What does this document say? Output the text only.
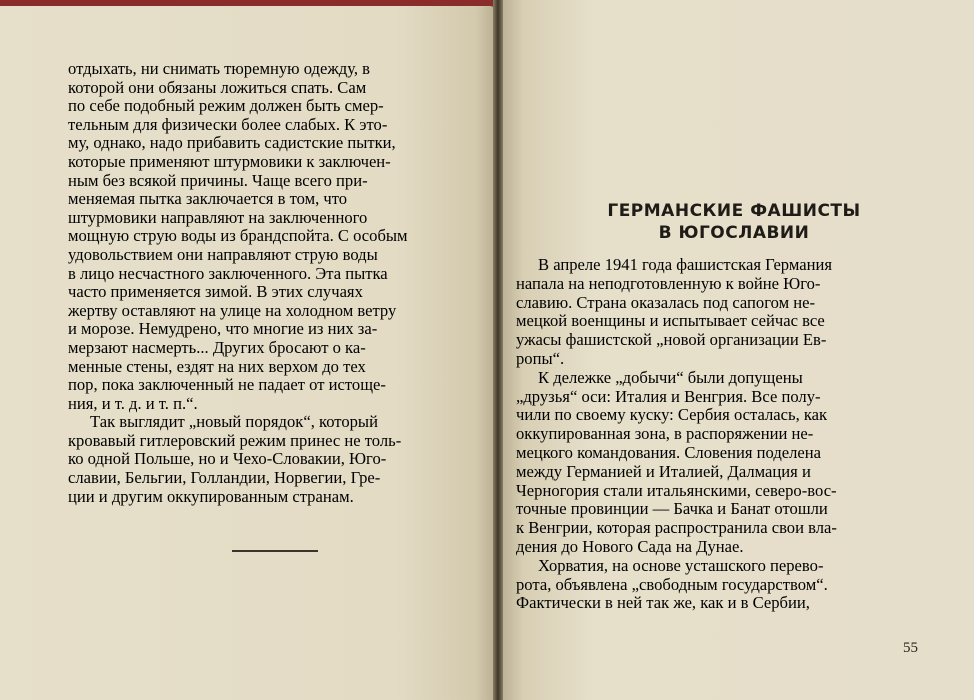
отдыхать, ни снимать тюремную одежду, в
которой они обязаны ложиться спать. Сам
по себе подобный режим должен быть смер-
тельным для физически более слабых. К это-
му, однако, надо прибавить садистские пытки,
которые применяют штурмовики к заключен-
ным без всякой причины. Чаще всего при-
меняемая пытка заключается в том, что
штурмовики направляют на заключенного
мощную струю воды из брандспойта. С особым
удовольствием они направляют струю воды
в лицо несчастного заключенного. Эта пытка
часто применяется зимой. В этих случаях
жертву оставляют на улице на холодном ветру
и морозе. Немудрено, что многие из них за-
мерзают насмерть... Других бросают о ка-
менные стены, ездят на них верхом до тех
пор, пока заключенный не падает от истоще-
ния, и т. д. и т. п.“.

Так выглядит „новый порядок“, который
кровавый гитлеровский режим принес не толь-
ко одной Польше, но и Чехо-Словакии, Юго-
славии, Бельгии, Голландии, Норвегии, Гре-
ции и другим оккупированным странам.

ГЕРМАНСКИЕ ФАШИСТЫ
В ЮГОСЛАВИИ

В апреле 1941 года фашистская Германия
напала на неподготовленную к войне Юго-
славию. Страна оказалась под сапогом не-
мецкой военщины и испытывает сейчас все
ужасы фашистской „новой организации Ев-
ропы“.

К дележке „добычи“ были допущены
„друзья“ оси: Италия и Венгрия. Все полу-
чили по своему куску: Сербия осталась, как
оккупированная зона, в распоряжении не-
мецкого командования. Словения поделена
между Германией и Италией, Далмация и
Черногория стали итальянскими, северо-вос-
точные провинции — Бачка и Банат отошли
к Венгрии, которая распространила свои вла-
дения до Нового Сада на Дунае.

Хорватия, на основе усташского перево-
рота, объявлена „свободным государством“.
Фактически в ней так же, как и в Сербии,

55
